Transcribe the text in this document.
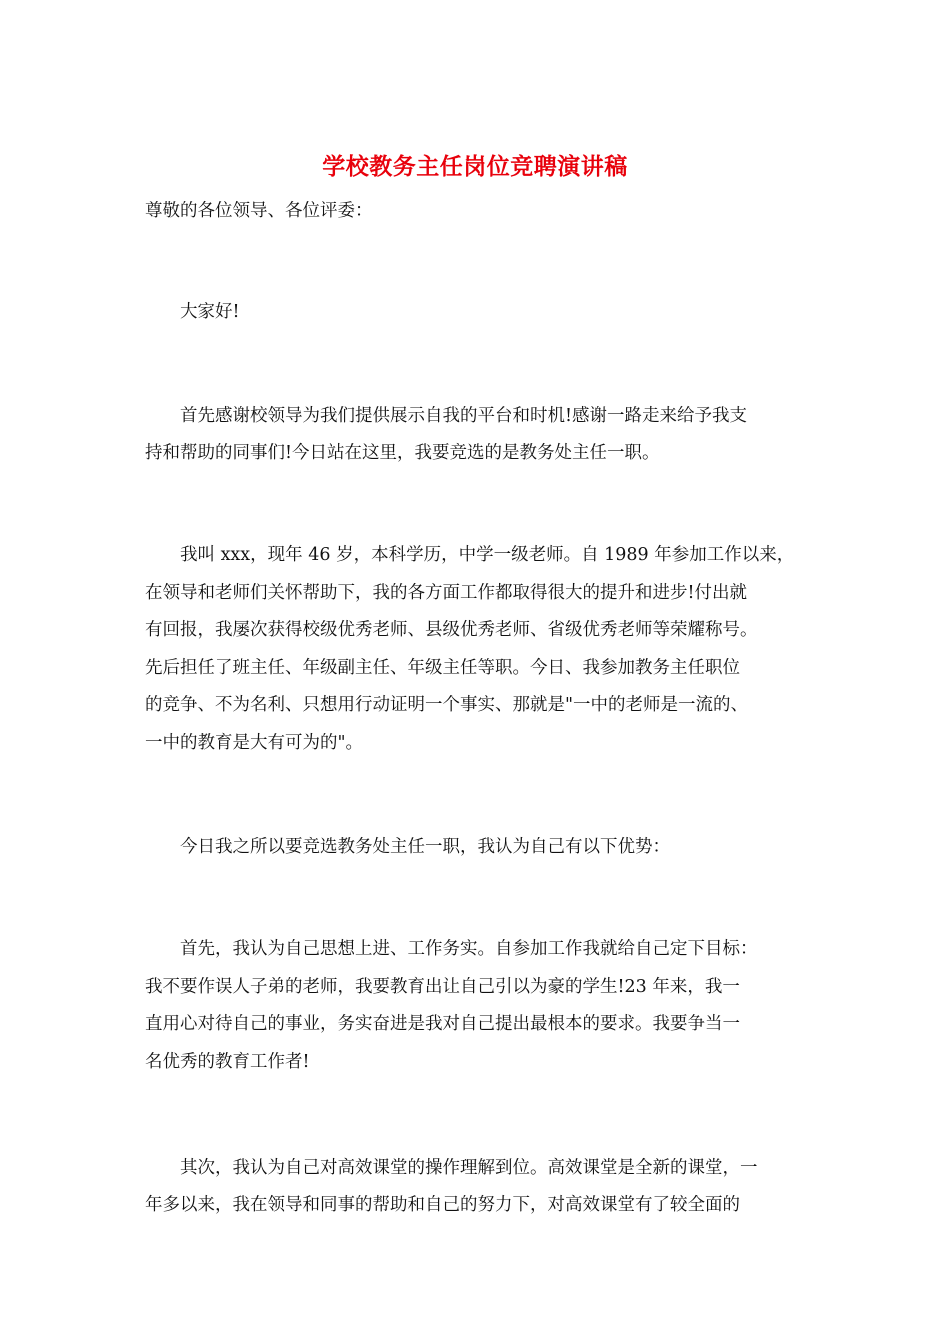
学校教务主任岗位竞聘演讲稿
尊敬的各位领导、各位评委：
大家好!
首先感谢校领导为我们提供展示自我的平台和时机!感谢一路走来给予我支
持和帮助的同事们!今日站在这里，我要竞选的是教务处主任一职。
我叫 xxx，现年 46 岁，本科学历，中学一级老师。自 1989 年参加工作以来，
在领导和老师们关怀帮助下，我的各方面工作都取得很大的提升和进步!付出就
有回报，我屡次获得校级优秀老师、县级优秀老师、省级优秀老师等荣耀称号。
先后担任了班主任、年级副主任、年级主任等职。今日、我参加教务主任职位
的竞争、不为名利、只想用行动证明一个事实、那就是"一中的老师是一流的、
一中的教育是大有可为的"。
今日我之所以要竞选教务处主任一职，我认为自己有以下优势：
首先，我认为自己思想上进、工作务实。自参加工作我就给自己定下目标：
我不要作误人子弟的老师，我要教育出让自己引以为豪的学生!23 年来，我一
直用心对待自己的事业，务实奋进是我对自己提出最根本的要求。我要争当一
名优秀的教育工作者!
其次，我认为自己对高效课堂的操作理解到位。高效课堂是全新的课堂，一
年多以来，我在领导和同事的帮助和自己的努力下，对高效课堂有了较全面的
